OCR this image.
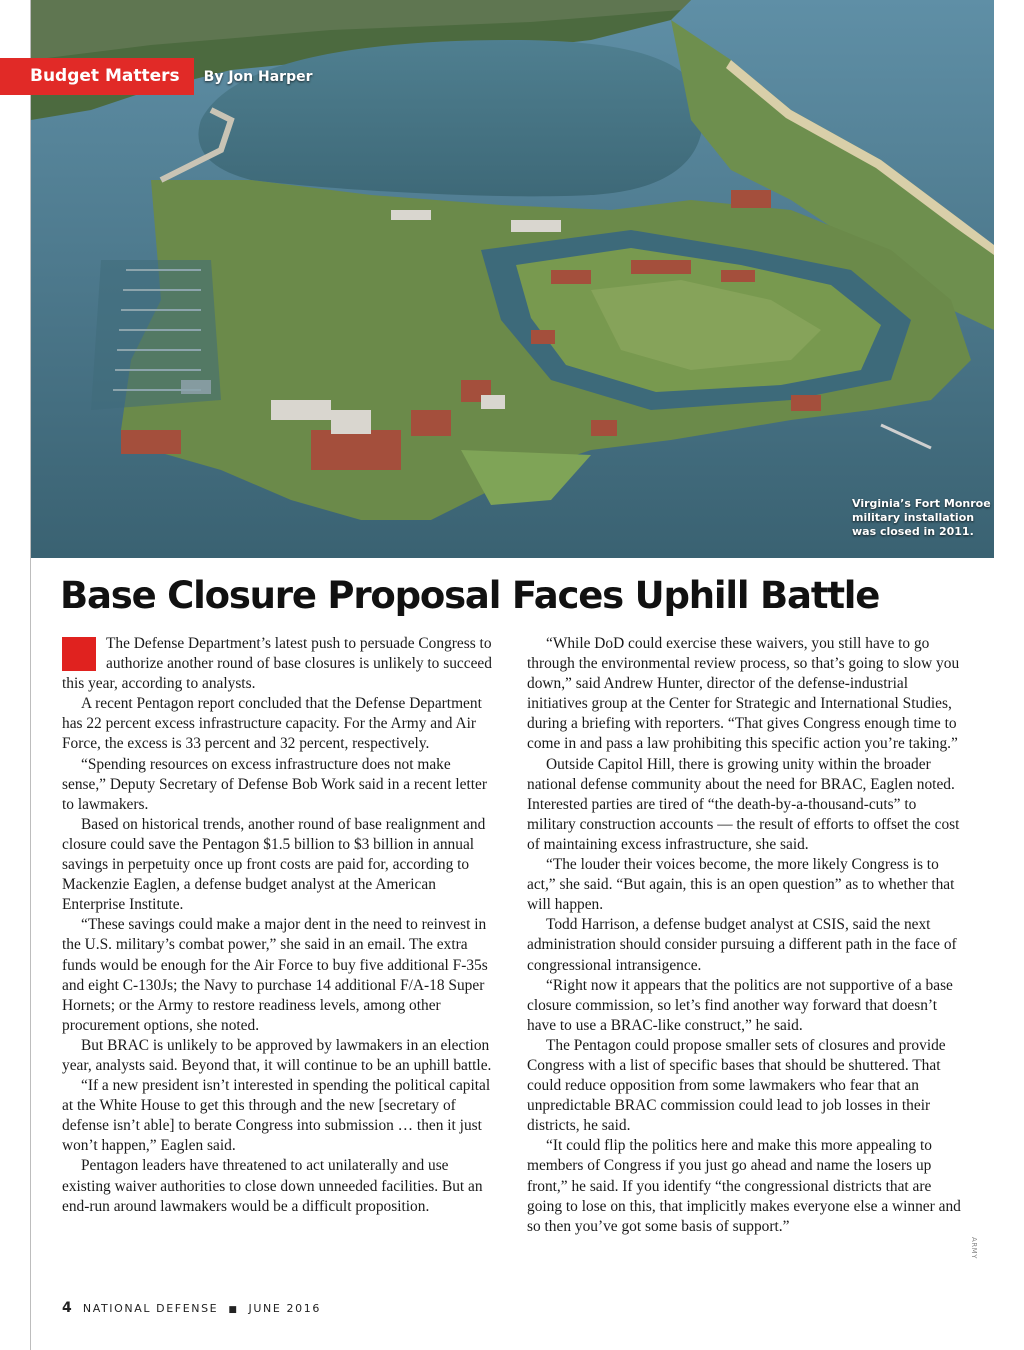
Budget Matters	By Jon Harper
Virginia’s Fort Monroe military installation was closed in 2011.
Base Closure Proposal Faces Uphill Battle

The Defense Department’s latest push to persuade Congress to authorize another round of base closures is unlikely to succeed this year, according to analysts.

A recent Pentagon report concluded that the Defense Department has 22 percent excess infrastructure capacity. For the Army and Air Force, the excess is 33 percent and 32 percent, respectively.

“Spending resources on excess infrastructure does not make sense,” Deputy Secretary of Defense Bob Work said in a recent letter to lawmakers.

Based on historical trends, another round of base realignment and closure could save the Pentagon $1.5 billion to $3 billion in annual savings in perpetuity once up front costs are paid for, according to Mackenzie Eaglen, a defense budget analyst at the American Enterprise Institute.

“These savings could make a major dent in the need to reinvest in the U.S. military’s combat power,” she said in an email. The extra funds would be enough for the Air Force to buy five additional F-35s and eight C-130Js; the Navy to purchase 14 additional F/A-18 Super Hornets; or the Army to restore readiness levels, among other procurement options, she noted.

But BRAC is unlikely to be approved by lawmakers in an election year, analysts said. Beyond that, it will continue to be an uphill battle.

“If a new president isn’t interested in spending the political capital at the White House to get this through and the new [secretary of defense isn’t able] to berate Congress into submission … then it just won’t happen,” Eaglen said.

Pentagon leaders have threatened to act unilaterally and use existing waiver authorities to close down unneeded facilities. But an end-run around lawmakers would be a difficult proposition.

“While DoD could exercise these waivers, you still have to go through the environmental review process, so that’s going to slow you down,” said Andrew Hunter, director of the defense-industrial initiatives group at the Center for Strategic and International Studies, during a briefing with reporters. “That gives Congress enough time to come in and pass a law prohibiting this specific action you’re taking.”

Outside Capitol Hill, there is growing unity within the broader national defense community about the need for BRAC, Eaglen noted. Interested parties are tired of “the death-by-a-thousand-cuts” to military construction accounts — the result of efforts to offset the cost of maintaining excess infrastructure, she said.

“The louder their voices become, the more likely Congress is to act,” she said. “But again, this is an open question” as to whether that will happen.

Todd Harrison, a defense budget analyst at CSIS, said the next administration should consider pursuing a different path in the face of congressional intransigence.

“Right now it appears that the politics are not supportive of a base closure commission, so let’s find another way forward that doesn’t have to use a BRAC-like construct,” he said.

The Pentagon could propose smaller sets of closures and provide Congress with a list of specific bases that should be shuttered. That could reduce opposition from some lawmakers who fear that an unpredictable BRAC commission could lead to job losses in their districts, he said.

“It could flip the politics here and make this more appealing to members of Congress if you just go ahead and name the losers up front,” he said. If you identify “the congressional districts that are going to lose on this, that implicitly makes everyone else a winner and so then you’ve got some basis of support.”

ARMY
4 NATIONAL DEFENSE ■ JUNE 2016
